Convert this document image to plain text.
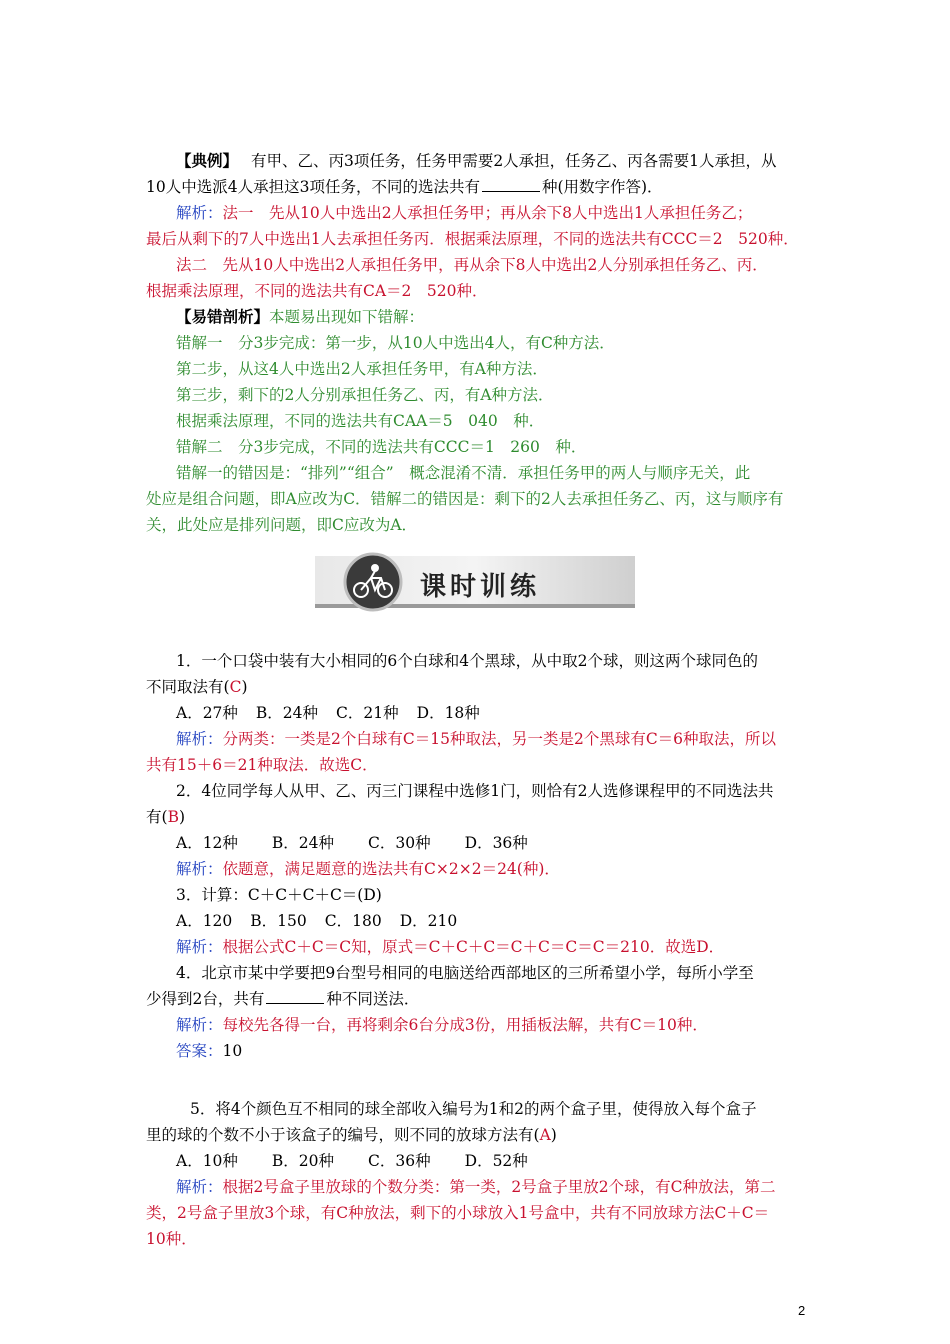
【典例】 有甲、乙、丙3项任务，任务甲需要2人承担，任务乙、丙各需要1人承担，从
10人中选派4人承担这3项任务，不同的选法共有	种(用数字作答)．
解析：法一　先从10人中选出2人承担任务甲；再从余下8人中选出1人承担任务乙；
最后从剩下的7人中选出1人去承担任务丙．根据乘法原理，不同的选法共有CCC＝2　520种．
法二　先从10人中选出2人承担任务甲，再从余下8人中选出2人分别承担任务乙、丙．
根据乘法原理，不同的选法共有CA＝2　520种．
【易错剖析】本题易出现如下错解：
错解一　分3步完成：第一步，从10人中选出4人，有C种方法．
第二步，从这4人中选出2人承担任务甲，有A种方法．
第三步，剩下的2人分别承担任务乙、丙，有A种方法．
根据乘法原理，不同的选法共有CAA＝5　040　种．
错解二　分3步完成，不同的选法共有CCC＝1　260　种．
错解一的错因是：“排列”“组合”　概念混淆不清．承担任务甲的两人与顺序无关，此
处应是组合问题，即A应改为C．错解二的错因是：剩下的2人去承担任务乙、丙，这与顺序有
关，此处应是排列问题，即C应改为A．
课时训练
1．一个口袋中装有大小相同的6个白球和4个黑球，从中取2个球，则这两个球同色的
不同取法有(C)
A．27种 B．24种 C．21种 D．18种
解析：分两类：一类是2个白球有C＝15种取法，另一类是2个黑球有C＝6种取法，所以
共有15＋6＝21种取法．故选C．
2．4位同学每人从甲、乙、丙三门课程中选修1门，则恰有2人选修课程甲的不同选法共
有(B)
A．12种 B．24种 C．30种 D．36种
解析：依题意，满足题意的选法共有C×2×2＝24(种)．
3．计算：C＋C＋C＋C＝(D)
A．120 B．150 C．180 D．210
解析：根据公式C＋C＝C知，原式＝C＋C＋C＝C＋C＝C＝C＝210．故选D．
4．北京市某中学要把9台型号相同的电脑送给西部地区的三所希望小学，每所小学至
少得到2台，共有	种不同送法．
解析：每校先各得一台，再将剩余6台分成3份，用插板法解，共有C＝10种．
答案：10
5．将4个颜色互不相同的球全部收入编号为1和2的两个盒子里，使得放入每个盒子
里的球的个数不小于该盒子的编号，则不同的放球方法有(A)
A．10种 B．20种 C．36种 D．52种
解析：根据2号盒子里放球的个数分类：第一类，2号盒子里放2个球，有C种放法，第二
类，2号盒子里放3个球，有C种放法，剩下的小球放入1号盒中，共有不同放球方法C＋C＝
10种．
2
